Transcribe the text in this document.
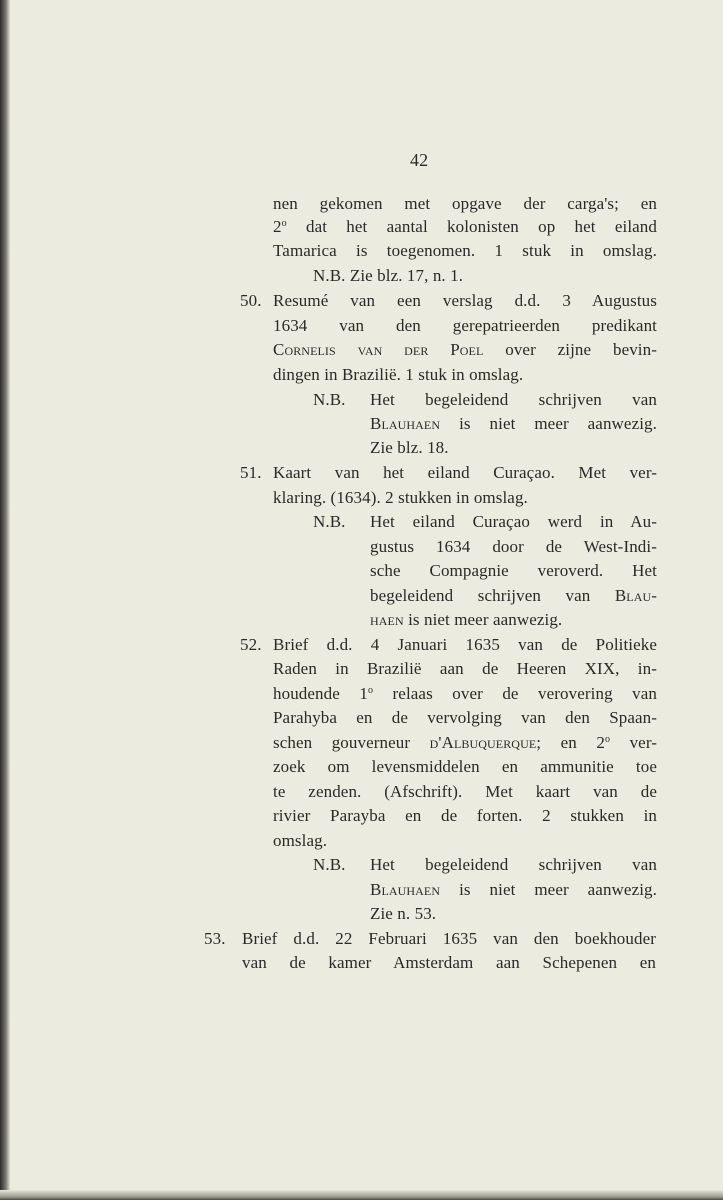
42
nen gekomen met opgave der carga's; en
2$^o$ dat het aantal kolonisten op het eiland
Tamarica is toegenomen. 1 stuk in omslag.
N.B. Zie blz. 17, n. 1.
50. Resumé van een verslag d.d. 3 Augustus
1634 van den gerepatrieerden predikant
Cornelis van der Poel over zijne bevin-
dingen in Brazilië. 1 stuk in omslag.
N.B. Het begeleidend schrijven van
Blauhaen is niet meer aanwezig.
Zie blz. 18.
51. Kaart van het eiland Curaçao. Met ver-
klaring. (1634). 2 stukken in omslag.
N.B. Het eiland Curaçao werd in Au-
gustus 1634 door de West-Indi-
sche Compagnie veroverd. Het
begeleidend schrijven van Blau-
haen is niet meer aanwezig.
52. Brief d.d. 4 Januari 1635 van de Politieke
Raden in Brazilië aan de Heeren XIX, in-
houdende 1$^o$ relaas over de verovering van
Parahyba en de vervolging van den Spaan-
schen gouverneur d'Albuquerque; en 2$^o$ ver-
zoek om levensmiddelen en ammunitie toe
te zenden. (Afschrift). Met kaart van de
rivier Parayba en de forten. 2 stukken in
omslag.
N.B. Het begeleidend schrijven van
Blauhaen is niet meer aanwezig.
Zie n. 53.
53. Brief d.d. 22 Februari 1635 van den boekhouder
van de kamer Amsterdam aan Schepenen en
